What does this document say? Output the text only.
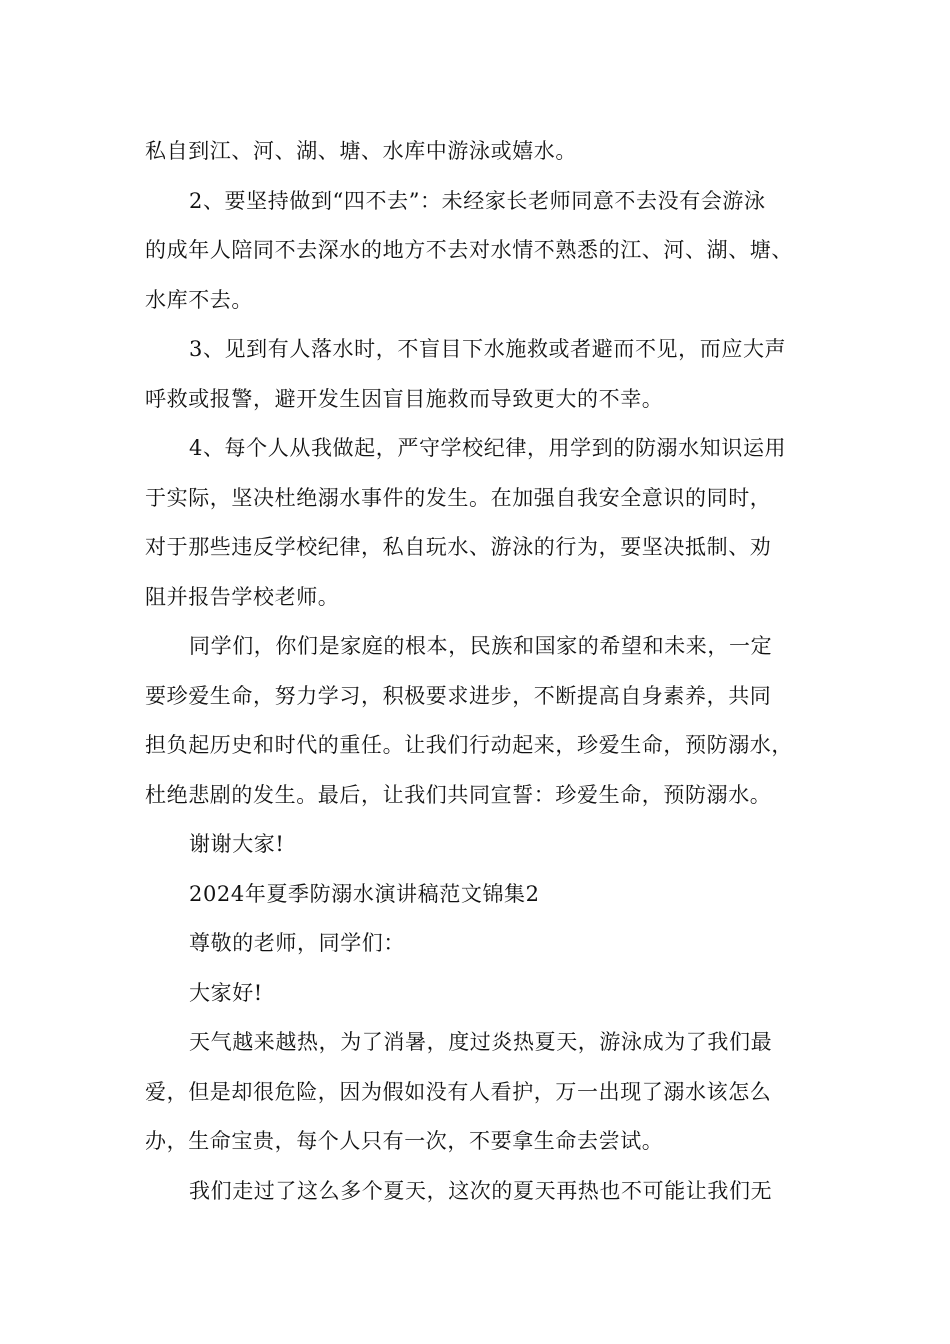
私自到江、河、湖、塘、水库中游泳或嬉水。
2、要坚持做到“四不去”：未经家长老师同意不去没有会游泳
的成年人陪同不去深水的地方不去对水情不熟悉的江、河、湖、塘、
水库不去。
3、见到有人落水时，不盲目下水施救或者避而不见，而应大声
呼救或报警，避开发生因盲目施救而导致更大的不幸。
4、每个人从我做起，严守学校纪律，用学到的防溺水知识运用
于实际，坚决杜绝溺水事件的发生。在加强自我安全意识的同时，
对于那些违反学校纪律，私自玩水、游泳的行为，要坚决抵制、劝
阻并报告学校老师。
同学们，你们是家庭的根本，民族和国家的希望和未来，一定
要珍爱生命，努力学习，积极要求进步，不断提高自身素养，共同
担负起历史和时代的重任。让我们行动起来，珍爱生命，预防溺水，
杜绝悲剧的发生。最后，让我们共同宣誓：珍爱生命，预防溺水。
谢谢大家!
2024年夏季防溺水演讲稿范文锦集2
尊敬的老师，同学们：
大家好!
天气越来越热，为了消暑，度过炎热夏天，游泳成为了我们最
爱，但是却很危险，因为假如没有人看护，万一出现了溺水该怎么
办，生命宝贵，每个人只有一次，不要拿生命去尝试。
我们走过了这么多个夏天，这次的夏天再热也不可能让我们无
